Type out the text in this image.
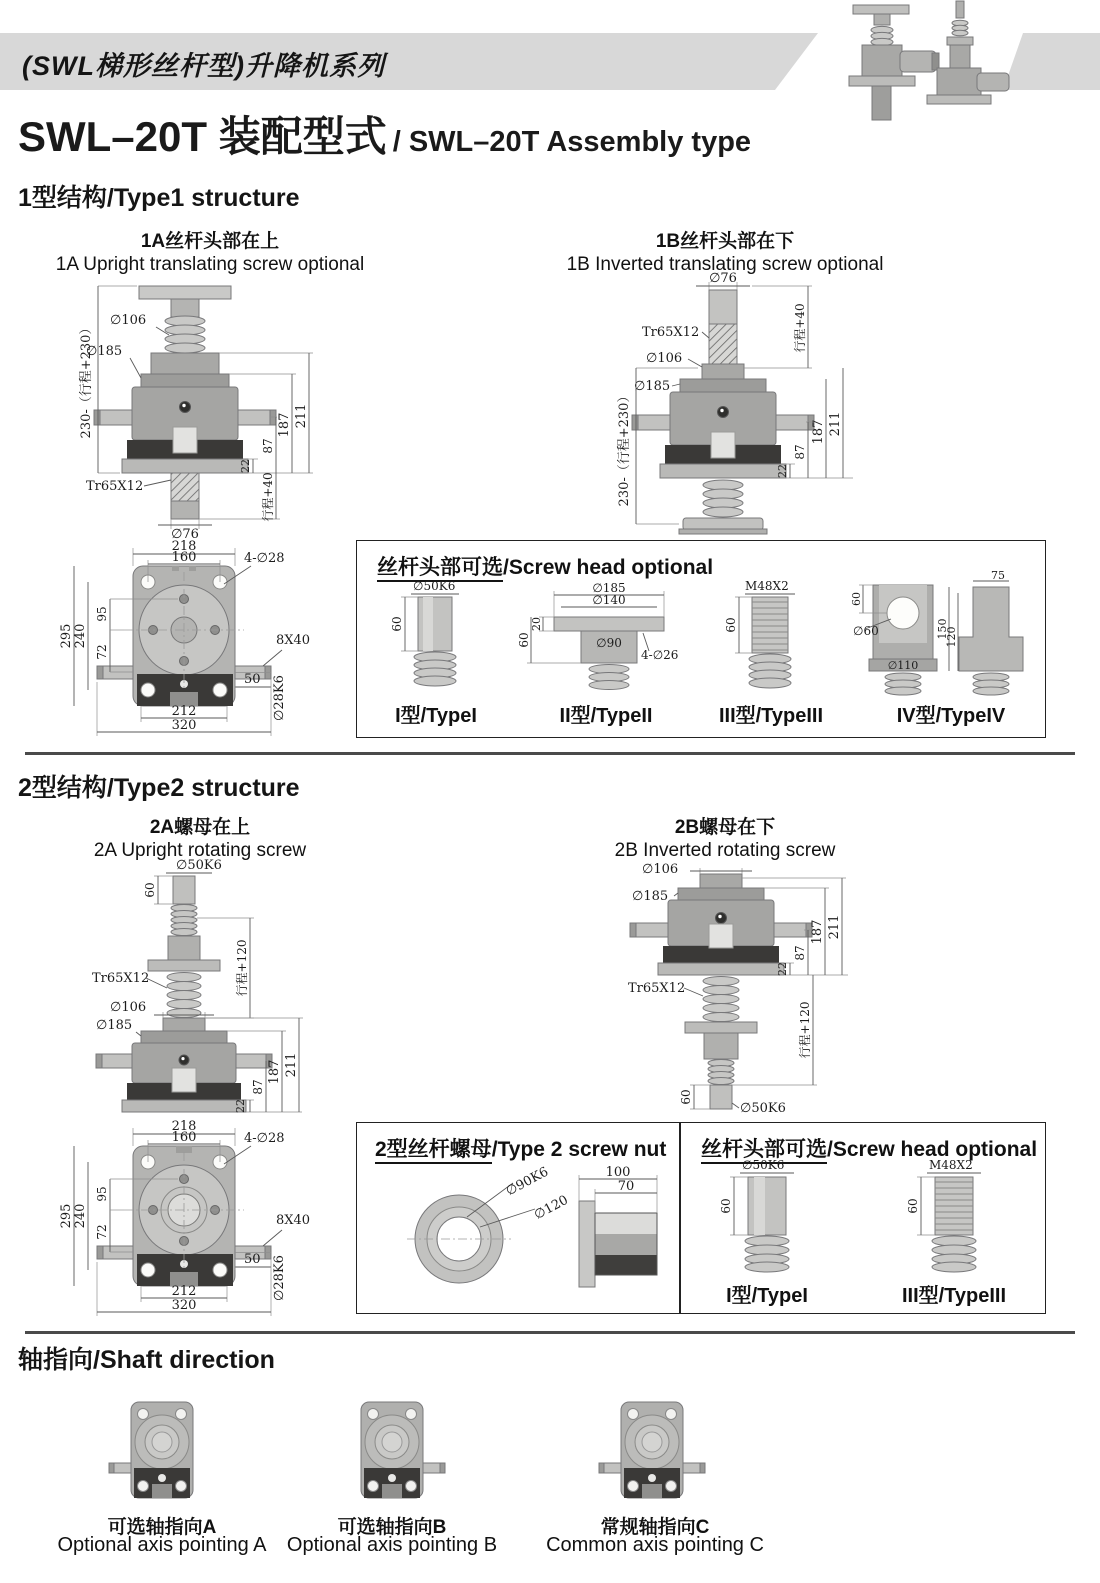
(SWL梯形丝杆型)升降机系列
SWL–20T 装配型式 / SWL–20T Assembly type
1型结构/Type1 structure
1A丝杆头部在上
1A Upright translating screw optional
1B丝杆头部在下
1B Inverted translating screw optional
∅106
∅185
230-（行程+230）
Tr65X12
22
87
187 211
行程+40
∅76
∅76
Tr65X12
∅106
∅185
230-（行程+230）
行程+40
187 211
87
22
218
160	4-∅28
295 240
95
72
8X40
50 ∅28K6
212
320
丝杆头部可选/Screw head optional
∅50K6
60
∅90
∅185
∅140
20
60
4-∅26
M48X2
60
60
∅60
∅110
75
150
120
I型/TypeI	II型/TypeII	III型/TypeIII	IV型/TypeIV
2型结构/Type2 structure
2A螺母在上
2A Upright rotating screw
2B螺母在下
2B Inverted rotating screw
∅50K6
60
Tr65X12
∅106
∅185
行程+120
22
87
187 211
∅106
∅185
Tr65X12
60
∅50K6
22
87
187 211
行程+120
218
160	4-∅28
295 240
95
72
8X40
50 ∅28K6
212
320
2型丝杆螺母/Type 2 screw nut
∅90K6
∅120
100
70
丝杆头部可选/Screw head optional
∅50K6
60
M48X2
60
I型/TypeI	III型/TypeIII
轴指向/Shaft direction
可选轴指向A
Optional axis pointing A
可选轴指向B
Optional axis pointing B
常规轴指向C
Common axis pointing C
